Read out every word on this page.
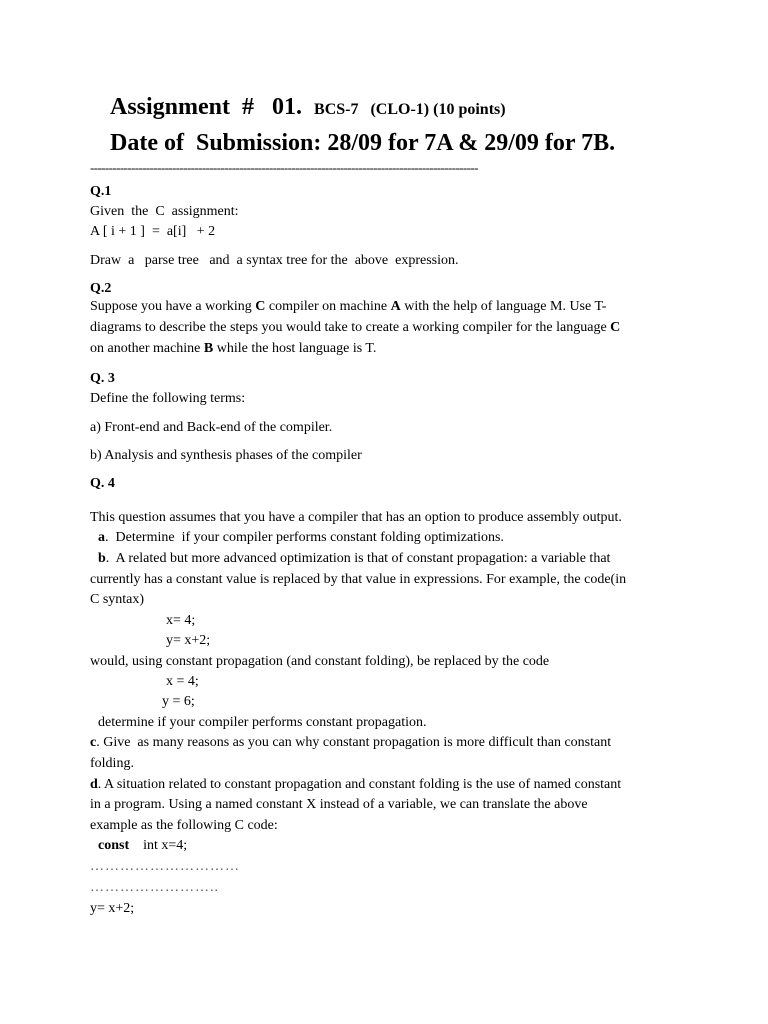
Assignment  #   01. BCS-7   (CLO-1) (10 points)
Date of  Submission: 28/09 for 7A & 29/09 for 7B.
--------------------------------------------------------------------------------------------------------
Q.1
Given  the  C  assignment:
A [ i + 1 ]  =  a[i]   + 2
Draw  a   parse tree   and  a syntax tree for the  above  expression.
Q.2
Suppose you have a working C compiler on machine A with the help of language M. Use T-
diagrams to describe the steps you would take to create a working compiler for the language C
on another machine B while the host language is T.
Q. 3
Define the following terms:
a) Front-end and Back-end of the compiler.
b) Analysis and synthesis phases of the compiler
Q. 4
This question assumes that you have a compiler that has an option to produce assembly output.
a.  Determine  if your compiler performs constant folding optimizations.
b.  A related but more advanced optimization is that of constant propagation: a variable that
currently has a constant value is replaced by that value in expressions. For example, the code(in
C syntax)
x= 4;
y= x+2;
would, using constant propagation (and constant folding), be replaced by the code
x = 4;
y = 6;
determine if your compiler performs constant propagation.
c. Give  as many reasons as you can why constant propagation is more difficult than constant
folding.
d. A situation related to constant propagation and constant folding is the use of named constant
in a program. Using a named constant X instead of a variable, we can translate the above
example as the following C code:
const    int x=4;
…………………………
……………………..
y= x+2;
